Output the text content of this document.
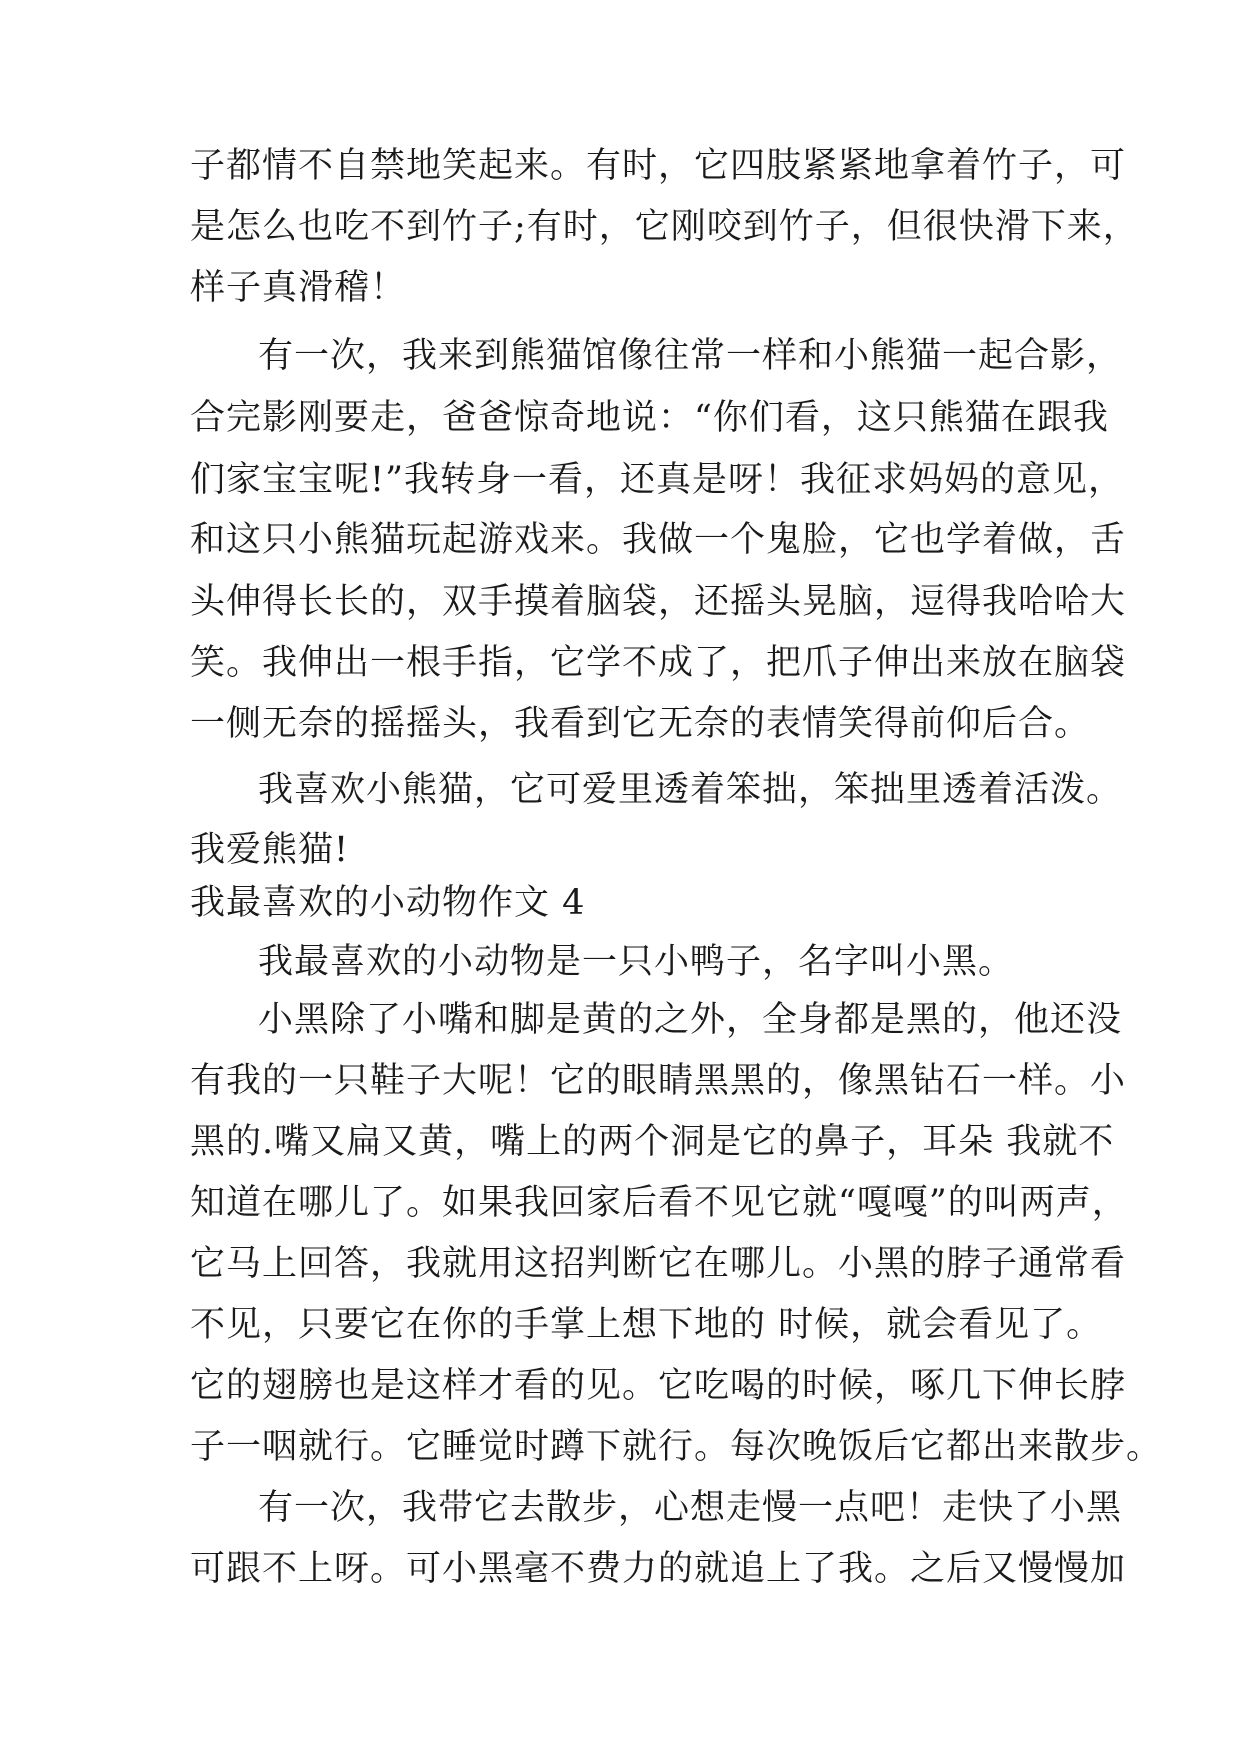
子都情不自禁地笑起来。有时，它四肢紧紧地拿着竹子，可
是怎么也吃不到竹子;有时，它刚咬到竹子，但很快滑下来，
样子真滑稽！
有一次，我来到熊猫馆像往常一样和小熊猫一起合影，
合完影刚要走，爸爸惊奇地说：“你们看，这只熊猫在跟我
们家宝宝呢!”我转身一看，还真是呀！我征求妈妈的意见，
和这只小熊猫玩起游戏来。我做一个鬼脸，它也学着做，舌
头伸得长长的，双手摸着脑袋，还摇头晃脑，逗得我哈哈大
笑。我伸出一根手指，它学不成了，把爪子伸出来放在脑袋
一侧无奈的摇摇头，我看到它无奈的表情笑得前仰后合。
我喜欢小熊猫，它可爱里透着笨拙，笨拙里透着活泼。
我爱熊猫!
我最喜欢的小动物作文 4
我最喜欢的小动物是一只小鸭子，名字叫小黑。
小黑除了小嘴和脚是黄的之外，全身都是黑的，他还没
有我的一只鞋子大呢！它的眼睛黑黑的，像黑钻石一样。小
黑的.嘴又扁又黄，嘴上的两个洞是它的鼻子，耳朵 我就不
知道在哪儿了。如果我回家后看不见它就“嘎嘎”的叫两声，
它马上回答，我就用这招判断它在哪儿。小黑的脖子通常看
不见，只要它在你的手掌上想下地的 时候，就会看见了。
它的翅膀也是这样才看的见。它吃喝的时候，啄几下伸长脖
子一咽就行。它睡觉时蹲下就行。每次晚饭后它都出来散步。
有一次，我带它去散步，心想走慢一点吧！走快了小黑
可跟不上呀。可小黑毫不费力的就追上了我。之后又慢慢加
